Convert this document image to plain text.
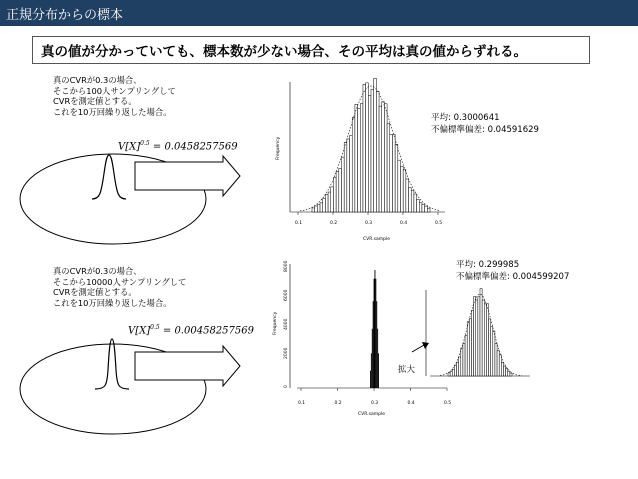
正規分布からの標本
真の値が分かっていても、標本数が少ない場合、その平均は真の値からずれる。
真のCVRが0.3の場合、
そこから100人サンプリングして
CVRを測定値とする。
これを10万回繰り返した場合。
$V[X]^{0.5} = 0.0458257569$
平均: 0.3000641
不偏標準偏差: 0.04591629
真のCVRが0.3の場合、
そこから10000人サンプリングして
CVRを測定値とする。
これを10万回繰り返した場合。
$V[X]^{0.5} = 0.00458257569$
平均: 0.299985
不偏標準偏差: 0.004599207
拡大
CVR.sample
Frequency
0.1	0.2	0.3	0.4	0.5
CVR.sample
Frequency
0.1	0.2	0.3	0.4	0.5
0
2000
4000
6000
8000
